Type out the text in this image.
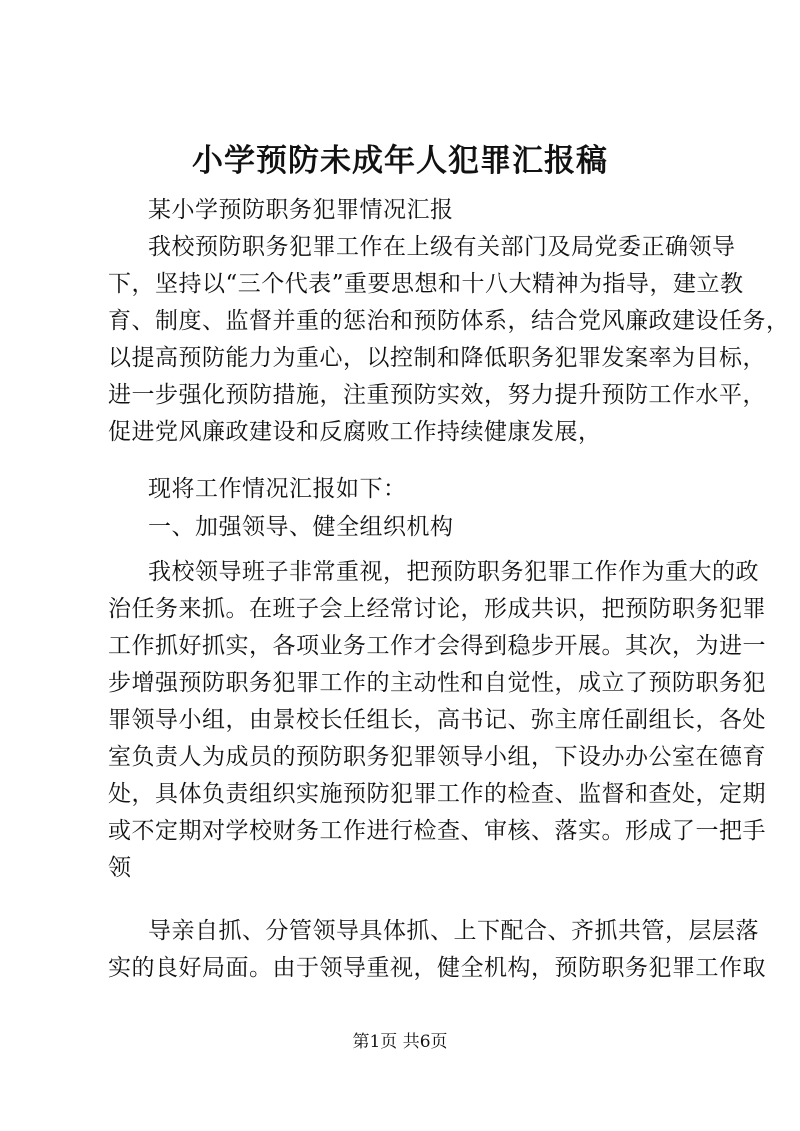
小学预防未成年人犯罪汇报稿

某小学预防职务犯罪情况汇报

我校预防职务犯罪工作在上级有关部门及局党委正确领导

下，坚持以“三个代表”重要思想和十八大精神为指导，建立教

育、制度、监督并重的惩治和预防体系，结合党风廉政建设任务，

以提高预防能力为重心，以控制和降低职务犯罪发案率为目标，

进一步强化预防措施，注重预防实效，努力提升预防工作水平，

促进党风廉政建设和反腐败工作持续健康发展，

现将工作情况汇报如下：

一、加强领导、健全组织机构

我校领导班子非常重视，把预防职务犯罪工作作为重大的政

治任务来抓。在班子会上经常讨论，形成共识，把预防职务犯罪

工作抓好抓实，各项业务工作才会得到稳步开展。其次，为进一

步增强预防职务犯罪工作的主动性和自觉性，成立了预防职务犯

罪领导小组，由景校长任组长，高书记、弥主席任副组长，各处

室负责人为成员的预防职务犯罪领导小组，下设办办公室在德育

处，具体负责组织实施预防犯罪工作的检查、监督和查处，定期

或不定期对学校财务工作进行检查、审核、落实。形成了一把手

领

导亲自抓、分管领导具体抓、上下配合、齐抓共管，层层落

实的良好局面。由于领导重视，健全机构，预防职务犯罪工作取

第1页 共6页
